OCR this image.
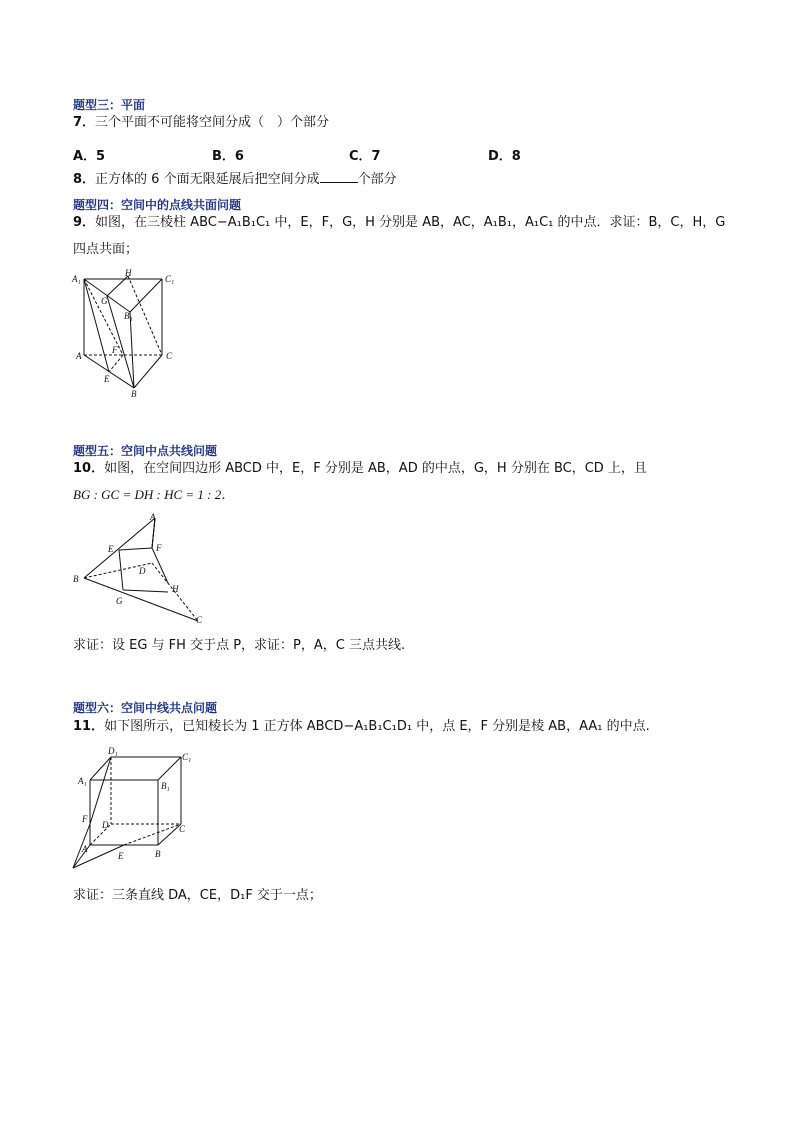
题型三：平面
7．三个平面不可能将空间分成（　）个部分
A．5	B．6	C．7	D．8
8．正方体的 6 个面无限延展后把空间分成	个部分
题型四：空间中的点线共面问题
9．如图，在三棱柱 ABC−A₁B₁C₁ 中，E，F，G，H 分别是 AB，AC，A₁B₁，A₁C₁ 的中点．求证：B，C，H，G
四点共面；
A₁
H
C₁
G
B₁
A
F
C
E
B
题型五：空间中点共线问题
10．如图，在空间四边形 ABCD 中，E，F 分别是 AB，AD 的中点，G，H 分别在 BC，CD 上，且
BG : GC = DH : HC = 1 : 2．
A
E	F
D
B
H
G
C
求证：设 EG 与 FH 交于点 P，求证：P，A，C 三点共线.
题型六：空间中线共点问题
11．如下图所示，已知棱长为 1 正方体 ABCD−A₁B₁C₁D₁ 中，点 E，F 分别是棱 AB，AA₁ 的中点.
D₁
C₁
A₁	B₁
F
D	C
A
E	B
求证：三条直线 DA，CE，D₁F 交于一点；
